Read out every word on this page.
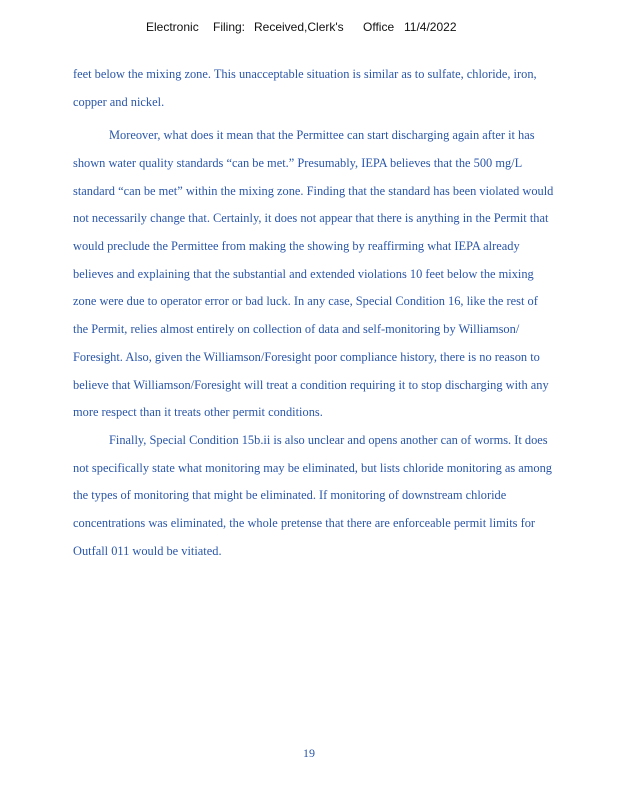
Electronic Filing: Received,Clerk's Office 11/4/2022
feet below the mixing zone. This unacceptable situation is similar as to sulfate, chloride, iron,
copper and nickel.
Moreover, what does it mean that the Permittee can start discharging again after it has
shown water quality standards “can be met.” Presumably, IEPA believes that the 500 mg/L
standard “can be met” within the mixing zone. Finding that the standard has been violated would
not necessarily change that. Certainly, it does not appear that there is anything in the Permit that
would preclude the Permittee from making the showing by reaffirming what IEPA already
believes and explaining that the substantial and extended violations 10 feet below the mixing
zone were due to operator error or bad luck. In any case, Special Condition 16, like the rest of
the Permit, relies almost entirely on collection of data and self-monitoring by Williamson/
Foresight. Also, given the Williamson/Foresight poor compliance history, there is no reason to
believe that Williamson/Foresight will treat a condition requiring it to stop discharging with any
more respect than it treats other permit conditions.
Finally, Special Condition 15b.ii is also unclear and opens another can of worms. It does
not specifically state what monitoring may be eliminated, but lists chloride monitoring as among
the types of monitoring that might be eliminated. If monitoring of downstream chloride
concentrations was eliminated, the whole pretense that there are enforceable permit limits for
Outfall 011 would be vitiated.
19
